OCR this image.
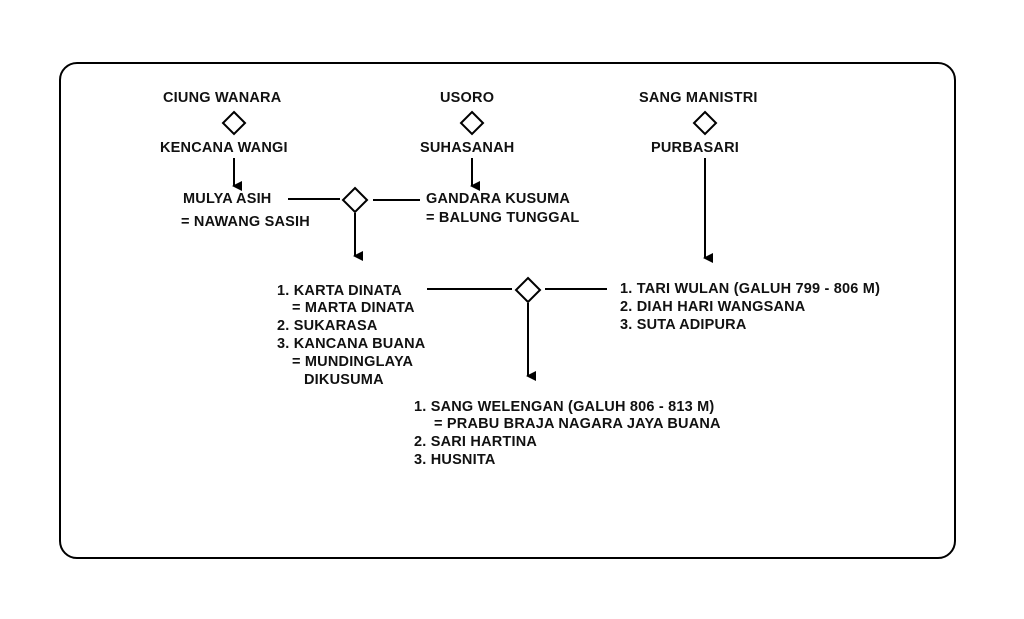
CIUNG WANARA
KENCANA WANGI
USORO
SUHASANAH
SANG MANISTRI
PURBASARI
MULYA ASIH
= NAWANG SASIH
GANDARA KUSUMA
= BALUNG TUNGGAL
1. KARTA DINATA
= MARTA DINATA
2. SUKARASA
3. KANCANA BUANA
= MUNDINGLAYA
DIKUSUMA
1. TARI WULAN (GALUH 799 - 806 M)
2. DIAH HARI WANGSANA
3. SUTA ADIPURA
1. SANG WELENGAN (GALUH 806 - 813 M)
= PRABU BRAJA NAGARA JAYA BUANA
2. SARI HARTINA
3. HUSNITA
